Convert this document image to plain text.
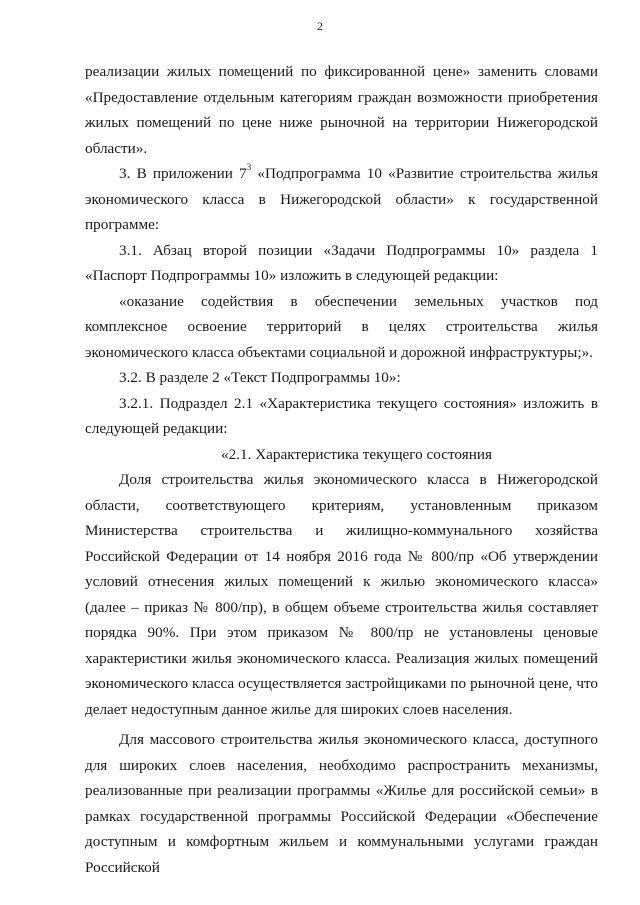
2

реализации жилых помещений по фиксированной цене» заменить словами «Предоставление отдельным категориям граждан возможности приобретения жилых помещений по цене ниже рыночной на территории Нижегородской области».

3. В приложении $7^3$ «Подпрограмма 10 «Развитие строительства жилья экономического класса в Нижегородской области» к государственной программе:

3.1. Абзац второй позиции «Задачи Подпрограммы 10» раздела 1 «Паспорт Подпрограммы 10» изложить в следующей редакции:

«оказание содействия в обеспечении земельных участков под комплексное освоение территорий в целях строительства жилья экономического класса объектами социальной и дорожной инфраструктуры;».

3.2. В разделе 2 «Текст Подпрограммы 10»:

3.2.1. Подраздел 2.1 «Характеристика текущего состояния» изложить в следующей редакции:

«2.1. Характеристика текущего состояния

Доля строительства жилья экономического класса в Нижегородской области, соответствующего критериям, установленным приказом Министерства строительства и жилищно-коммунального хозяйства Российской Федерации от 14 ноября 2016 года № 800/пр «Об утверждении условий отнесения жилых помещений к жилью экономического класса» (далее – приказ № 800/пр), в общем объеме строительства жилья составляет порядка 90%. При этом приказом № 800/пр не установлены ценовые характеристики жилья экономического класса. Реализация жилых помещений экономического класса осуществляется застройщиками по рыночной цене, что делает недоступным данное жилье для широких слоев населения.

Для массового строительства жилья экономического класса, доступного для широких слоев населения, необходимо распространить механизмы, реализованные при реализации программы «Жилье для российской семьи» в рамках государственной программы Российской Федерации «Обеспечение доступным и комфортным жильем и коммунальными услугами граждан Российской
